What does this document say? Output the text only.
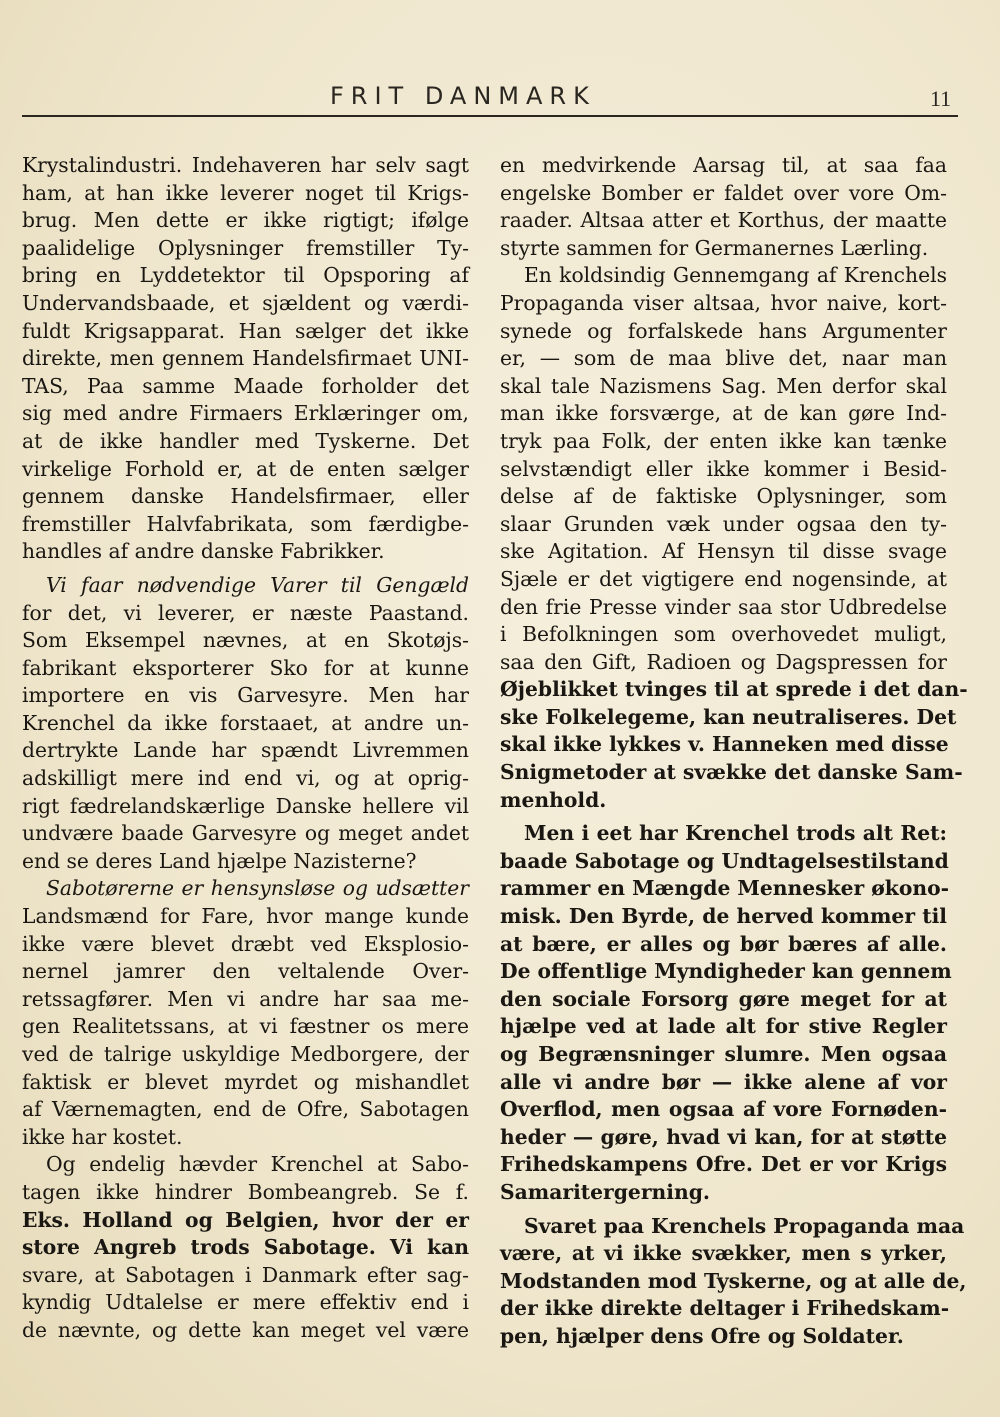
FRIT DANMARK	11
Krystalindustri. Indehaveren har selv sagt
ham, at han ikke leverer noget til Krigs-
brug. Men dette er ikke rigtigt; ifølge
paalidelige Oplysninger fremstiller Ty-
bring en Lyddetektor til Opsporing af
Undervandsbaade, et sjældent og værdi-
fuldt Krigsapparat. Han sælger det ikke
direkte, men gennem Handelsfirmaet UNI-
TAS, Paa samme Maade forholder det
sig med andre Firmaers Erklæringer om,
at de ikke handler med Tyskerne. Det
virkelige Forhold er, at de enten sælger
gennem danske Handelsfirmaer, eller
fremstiller Halvfabrikata, som færdigbe-
handles af andre danske Fabrikker.
Vi faar nødvendige Varer til Gengæld
for det, vi leverer, er næste Paastand.
Som Eksempel nævnes, at en Skotøjs-
fabrikant eksporterer Sko for at kunne
importere en vis Garvesyre. Men har
Krenchel da ikke forstaaet, at andre un-
dertrykte Lande har spændt Livremmen
adskilligt mere ind end vi, og at oprig-
rigt fædrelandskærlige Danske hellere vil
undvære baade Garvesyre og meget andet
end se deres Land hjælpe Nazisterne?
Sabotørerne er hensynsløse og udsætter
Landsmænd for Fare, hvor mange kunde
ikke være blevet dræbt ved Eksplosio-
nernel jamrer den veltalende Over-
retssagfører. Men vi andre har saa me-
gen Realitetssans, at vi fæstner os mere
ved de talrige uskyldige Medborgere, der
faktisk er blevet myrdet og mishandlet
af Værnemagten, end de Ofre, Sabotagen
ikke har kostet.
Og endelig hævder Krenchel at Sabo-
tagen ikke hindrer Bombeangreb. Se f.
Eks. Holland og Belgien, hvor der er
store Angreb trods Sabotage. Vi kan
svare, at Sabotagen i Danmark efter sag-
kyndig Udtalelse er mere effektiv end i
de nævnte, og dette kan meget vel være
en medvirkende Aarsag til, at saa faa
engelske Bomber er faldet over vore Om-
raader. Altsaa atter et Korthus, der maatte
styrte sammen for Germanernes Lærling.
En koldsindig Gennemgang af Krenchels
Propaganda viser altsaa, hvor naive, kort-
synede og forfalskede hans Argumenter
er, — som de maa blive det, naar man
skal tale Nazismens Sag. Men derfor skal
man ikke forsværge, at de kan gøre Ind-
tryk paa Folk, der enten ikke kan tænke
selvstændigt eller ikke kommer i Besid-
delse af de faktiske Oplysninger, som
slaar Grunden væk under ogsaa den ty-
ske Agitation. Af Hensyn til disse svage
Sjæle er det vigtigere end nogensinde, at
den frie Presse vinder saa stor Udbredelse
i Befolkningen som overhovedet muligt,
saa den Gift, Radioen og Dagspressen for
Øjeblikket tvinges til at sprede i det dan-
ske Folkelegeme, kan neutraliseres. Det
skal ikke lykkes v. Hanneken med disse
Snigmetoder at svække det danske Sam-
menhold.
Men i eet har Krenchel trods alt Ret:
baade Sabotage og Undtagelsestilstand
rammer en Mængde Mennesker økono-
misk. Den Byrde, de herved kommer til
at bære, er alles og bør bæres af alle.
De offentlige Myndigheder kan gennem
den sociale Forsorg gøre meget for at
hjælpe ved at lade alt for stive Regler
og Begrænsninger slumre. Men ogsaa
alle vi andre bør — ikke alene af vor
Overflod, men ogsaa af vore Fornøden-
heder — gøre, hvad vi kan, for at støtte
Frihedskampens Ofre. Det er vor Krigs
Samaritergerning.
Svaret paa Krenchels Propaganda maa
være, at vi ikke svækker, men s yrker,
Modstanden mod Tyskerne, og at alle de,
der ikke direkte deltager i Frihedskam-
pen, hjælper dens Ofre og Soldater.
